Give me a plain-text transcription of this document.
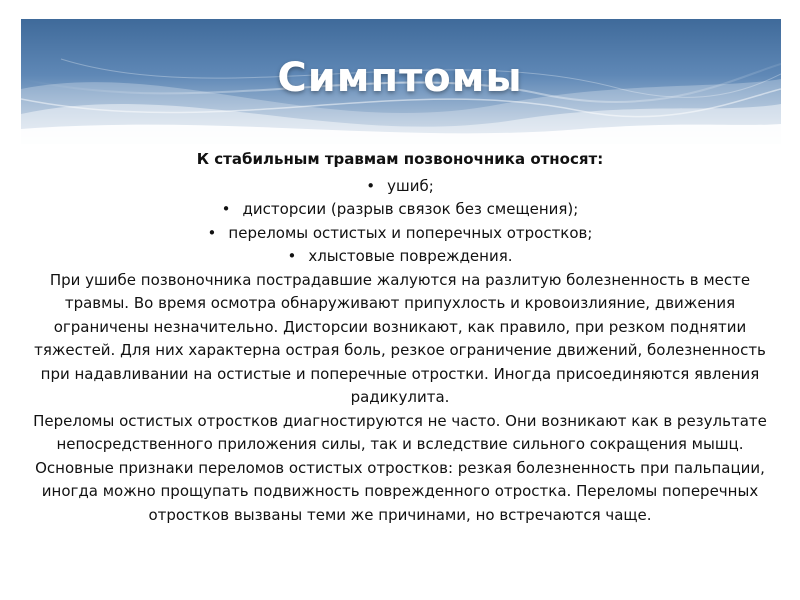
Симптомы

К стабильным травмам позвоночника относят:

• ушиб;
• дисторсии (разрыв связок без смещения);
• переломы остистых и поперечных отростков;
• хлыстовые повреждения.

При ушибе позвоночника пострадавшие жалуются на разлитую болезненность в месте травмы. Во время осмотра обнаруживают припухлость и кровоизлияние, движения ограничены незначительно. Дисторсии возникают, как правило, при резком поднятии тяжестей. Для них характерна острая боль, резкое ограничение движений, болезненность при надавливании на остистые и поперечные отростки. Иногда присоединяются явления радикулита.

Переломы остистых отростков диагностируются не часто. Они возникают как в результате непосредственного приложения силы, так и вследствие сильного сокращения мышц. Основные признаки переломов остистых отростков: резкая болезненность при пальпации, иногда можно прощупать подвижность поврежденного отростка. Переломы поперечных отростков вызваны теми же причинами, но встречаются чаще.
